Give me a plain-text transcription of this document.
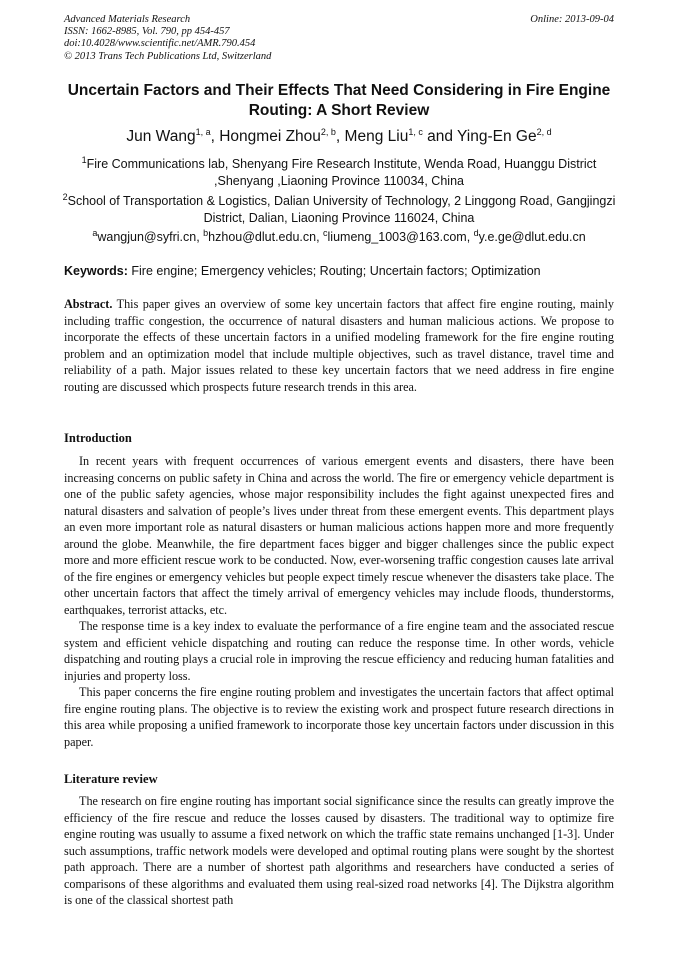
Advanced Materials Research
ISSN: 1662-8985, Vol. 790, pp 454-457
doi:10.4028/www.scientific.net/AMR.790.454
© 2013 Trans Tech Publications Ltd, Switzerland
Online: 2013-09-04
Uncertain Factors and Their Effects That Need Considering in Fire Engine Routing: A Short Review
Jun Wang$^{1, a}$, Hongmei Zhou$^{2, b}$, Meng Liu$^{1, c}$ and Ying-En Ge$^{2, d}$
$^1$Fire Communications lab, Shenyang Fire Research Institute, Wenda Road, Huanggu District ,Shenyang ,Liaoning Province 110034, China
$^2$School of Transportation & Logistics, Dalian University of Technology, 2 Linggong Road, Gangjingzi District, Dalian, Liaoning Province 116024, China
$^a$wangjun@syfri.cn, $^b$hzhou@dlut.edu.cn, $^c$liumeng_1003@163.com, $^d$y.e.ge@dlut.edu.cn
Keywords: Fire engine; Emergency vehicles; Routing; Uncertain factors; Optimization
Abstract. This paper gives an overview of some key uncertain factors that affect fire engine routing, mainly including traffic congestion, the occurrence of natural disasters and human malicious actions. We propose to incorporate the effects of these uncertain factors in a unified modeling framework for the fire engine routing problem and an optimization model that include multiple objectives, such as travel distance, travel time and reliability of a path. Major issues related to these key uncertain factors that we need address in fire engine routing are discussed which prospects future research trends in this area.
Introduction

In recent years with frequent occurrences of various emergent events and disasters, there have been increasing concerns on public safety in China and across the world. The fire or emergency vehicle department is one of the public safety agencies, whose major responsibility includes the fight against unexpected fires and natural disasters and salvation of people’s lives under threat from these emergent events. This department plays an even more important role as natural disasters or human malicious actions happen more and more frequently around the globe. Meanwhile, the fire department faces bigger and bigger challenges since the public expect more and more efficient rescue work to be conducted. Now, ever-worsening traffic congestion causes late arrival of the fire engines or emergency vehicles but people expect timely rescue whenever the disasters take place. The other uncertain factors that affect the timely arrival of emergency vehicles may include floods, thunderstorms, earthquakes, terrorist attacks, etc.

The response time is a key index to evaluate the performance of a fire engine team and the associated rescue system and efficient vehicle dispatching and routing can reduce the response time. In other words, vehicle dispatching and routing plays a crucial role in improving the rescue efficiency and reducing human fatalities and injuries and property loss.

This paper concerns the fire engine routing problem and investigates the uncertain factors that affect optimal fire engine routing plans. The objective is to review the existing work and prospect future research directions in this area while proposing a unified framework to incorporate those key uncertain factors under discussion in this paper.

Literature review

The research on fire engine routing has important social significance since the results can greatly improve the efficiency of the fire rescue and reduce the losses caused by disasters. The traditional way to optimize fire engine routing was usually to assume a fixed network on which the traffic state remains unchanged [1-3]. Under such assumptions, traffic network models were developed and optimal routing plans were sought by the shortest path approach. There are a number of shortest path algorithms and researchers have conducted a series of comparisons of these algorithms and evaluated them using real-sized road networks [4]. The Dijkstra algorithm is one of the classical shortest path
